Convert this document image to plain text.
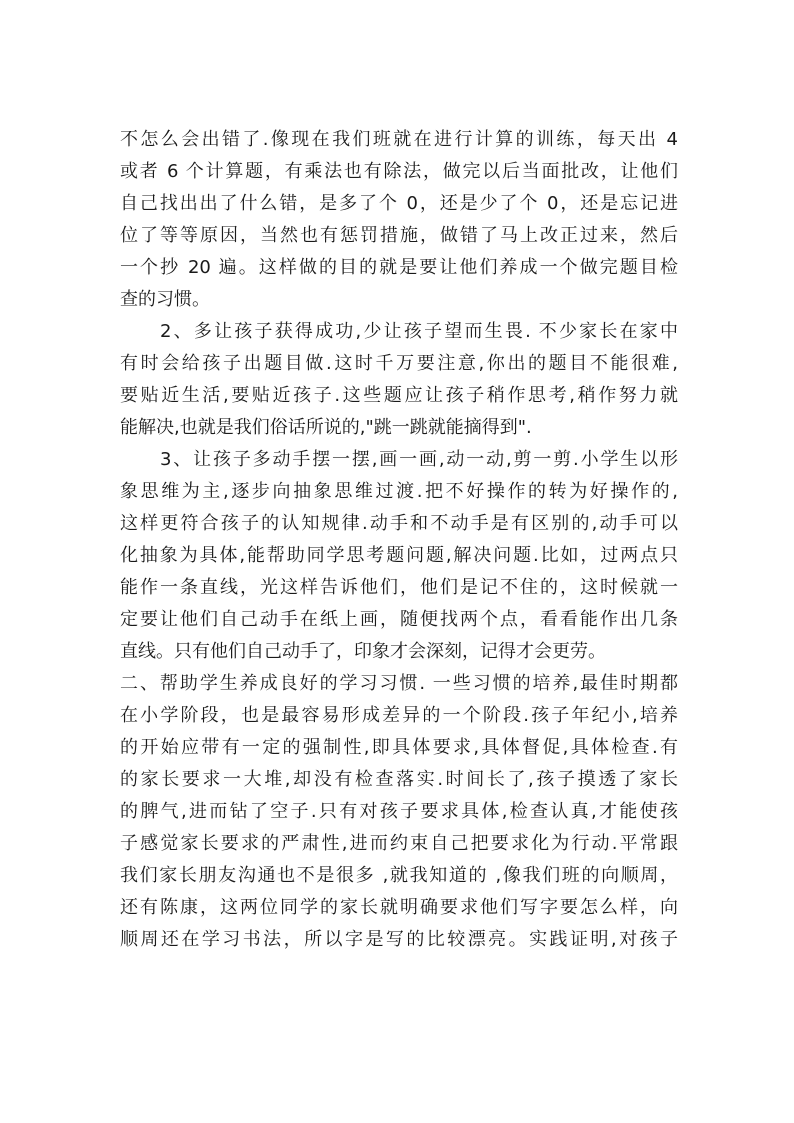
不怎么会出错了.像现在我们班就在进行计算的训练，每天出 4
或者 6 个计算题，有乘法也有除法，做完以后当面批改，让他们
自己找出出了什么错，是多了个 0，还是少了个 0，还是忘记进
位了等等原因，当然也有惩罚措施，做错了马上改正过来，然后
一个抄 20 遍。这样做的目的就是要让他们养成一个做完题目检
查的习惯。
2、多让孩子获得成功,少让孩子望而生畏. 不少家长在家中
有时会给孩子出题目做.这时千万要注意,你出的题目不能很难,
要贴近生活,要贴近孩子.这些题应让孩子稍作思考,稍作努力就
能解决,也就是我们俗话所说的,"跳一跳就能摘得到".
3、让孩子多动手摆一摆,画一画,动一动,剪一剪.小学生以形
象思维为主,逐步向抽象思维过渡.把不好操作的转为好操作的,
这样更符合孩子的认知规律.动手和不动手是有区别的,动手可以
化抽象为具体,能帮助同学思考题问题,解决问题.比如，过两点只
能作一条直线，光这样告诉他们，他们是记不住的，这时候就一
定要让他们自己动手在纸上画，随便找两个点，看看能作出几条
直线。只有他们自己动手了，印象才会深刻，记得才会更劳。
二、帮助学生养成良好的学习习惯. 一些习惯的培养,最佳时期都
在小学阶段，也是最容易形成差异的一个阶段.孩子年纪小,培养
的开始应带有一定的强制性,即具体要求,具体督促,具体检查.有
的家长要求一大堆,却没有检查落实.时间长了,孩子摸透了家长
的脾气,进而钻了空子.只有对孩子要求具体,检查认真,才能使孩
子感觉家长要求的严肃性,进而约束自己把要求化为行动.平常跟
我们家长朋友沟通也不是很多 ,就我知道的 ,像我们班的向顺周，
还有陈康，这两位同学的家长就明确要求他们写字要怎么样，向
顺周还在学习书法，所以字是写的比较漂亮。实践证明,对孩子
